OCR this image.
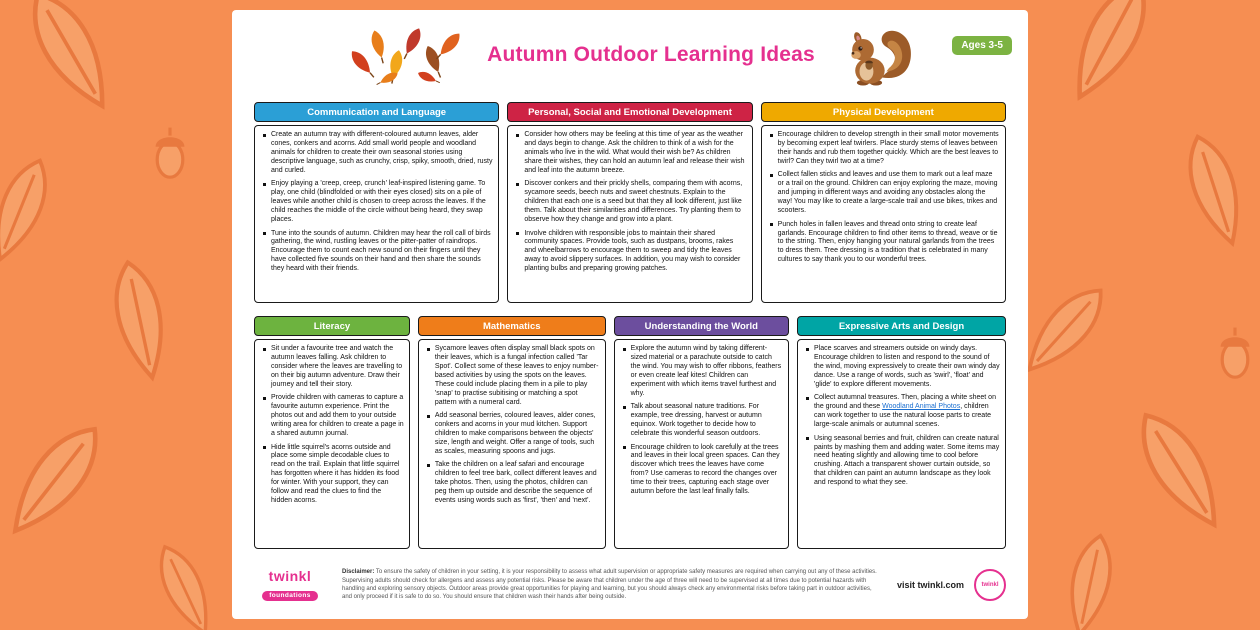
Ages 3-5
Autumn Outdoor Learning Ideas
Communication and Language
Create an autumn tray with different-coloured autumn leaves, alder cones, conkers and acorns. Add small world people and woodland animals for children to create their own seasonal stories using descriptive language, such as crunchy, crisp, spiky, smooth, dried, rusty and curled.
Enjoy playing a 'creep, creep, crunch' leaf-inspired listening game. To play, one child (blindfolded or with their eyes closed) sits on a pile of leaves while another child is chosen to creep across the leaves. If the child reaches the middle of the circle without being heard, they swap places.
Tune into the sounds of autumn. Children may hear the roll call of birds gathering, the wind, rustling leaves or the pitter-patter of raindrops. Encourage them to count each new sound on their fingers until they have collected five sounds on their hand and then share the sounds they heard with their friends.
Personal, Social and Emotional Development
Consider how others may be feeling at this time of year as the weather and days begin to change. Ask the children to think of a wish for the animals who live in the wild. What would their wish be? As children share their wishes, they can hold an autumn leaf and release their wish and leaf into the autumn breeze.
Discover conkers and their prickly shells, comparing them with acorns, sycamore seeds, beech nuts and sweet chestnuts. Explain to the children that each one is a seed but that they all look different, just like them. Talk about their similarities and differences. Try planting them to observe how they change and grow into a plant.
Involve children with responsible jobs to maintain their shared community spaces. Provide tools, such as dustpans, brooms, rakes and wheelbarrows to encourage them to sweep and tidy the leaves away to avoid slippery surfaces. In addition, you may wish to consider planting bulbs and preparing growing patches.
Physical Development
Encourage children to develop strength in their small motor movements by becoming expert leaf twirlers. Place sturdy stems of leaves between their hands and rub them together quickly. Which are the best leaves to twirl? Can they twirl two at a time?
Collect fallen sticks and leaves and use them to mark out a leaf maze or a trail on the ground. Children can enjoy exploring the maze, moving and jumping in different ways and avoiding any obstacles along the way! You may like to create a large-scale trail and use bikes, trikes and scooters.
Punch holes in fallen leaves and thread onto string to create leaf garlands. Encourage children to find other items to thread, weave or tie to the string. Then, enjoy hanging your natural garlands from the trees to dress them. Tree dressing is a tradition that is celebrated in many cultures to say thank you to our wonderful trees.
Literacy
Sit under a favourite tree and watch the autumn leaves falling. Ask children to consider where the leaves are travelling to on their big autumn adventure. Draw their journey and tell their story.
Provide children with cameras to capture a favourite autumn experience. Print the photos out and add them to your outside writing area for children to create a page in a shared autumn journal.
Hide little squirrel's acorns outside and place some simple decodable clues to read on the trail. Explain that little squirrel has forgotten where it has hidden its food for winter. With your support, they can follow and read the clues to find the hidden acorns.
Mathematics
Sycamore leaves often display small black spots on their leaves, which is a fungal infection called 'Tar Spot'. Collect some of these leaves to enjoy number-based activities by using the spots on the leaves. These could include placing them in a pile to play 'snap' to practise subitising or matching a spot pattern with a numeral card.
Add seasonal berries, coloured leaves, alder cones, conkers and acorns in your mud kitchen. Support children to make comparisons between the objects' size, length and weight. Offer a range of tools, such as scales, measuring spoons and jugs.
Take the children on a leaf safari and encourage children to feel tree bark, collect different leaves and take photos. Then, using the photos, children can peg them up outside and describe the sequence of events using words such as 'first', 'then' and 'next'.
Understanding the World
Explore the autumn wind by taking different-sized material or a parachute outside to catch the wind. You may wish to offer ribbons, feathers or even create leaf kites! Children can experiment with which items travel furthest and why.
Talk about seasonal nature traditions. For example, tree dressing, harvest or autumn equinox. Work together to decide how to celebrate this wonderful season outdoors.
Encourage children to look carefully at the trees and leaves in their local green spaces. Can they discover which trees the leaves have come from? Use cameras to record the changes over time to their trees, capturing each stage over autumn before the last leaf finally falls.
Expressive Arts and Design
Place scarves and streamers outside on windy days. Encourage children to listen and respond to the sound of the wind, moving expressively to create their own windy day dance. Use a range of words, such as 'swirl', 'float' and 'glide' to explore different movements.
Collect autumnal treasures. Then, placing a white sheet on the ground and these Woodland Animal Photos, children can work together to use the natural loose parts to create large-scale animals or autumnal scenes.
Using seasonal berries and fruit, children can create natural paints by mashing them and adding water. Some items may need heating slightly and allowing time to cool before crushing. Attach a transparent shower curtain outside, so that children can paint an autumn landscape as they look and respond to what they see.
twinkl
foundations

Disclaimer: To ensure the safety of children in your setting, it is your responsibility to assess what adult supervision or appropriate safety measures are required when carrying out any of these activities. Supervising adults should check for allergens and assess any potential risks. Please be aware that children under the age of three will need to be supervised at all times due to potential hazards with handling and exploring sensory objects. Outdoor areas provide great opportunities for playing and learning, but you should always check any environmental risks before taking part in outdoor activities, and only proceed if it is safe to do so. You should ensure that children wash their hands after being outside.

visit twinkl.com	twinkl
